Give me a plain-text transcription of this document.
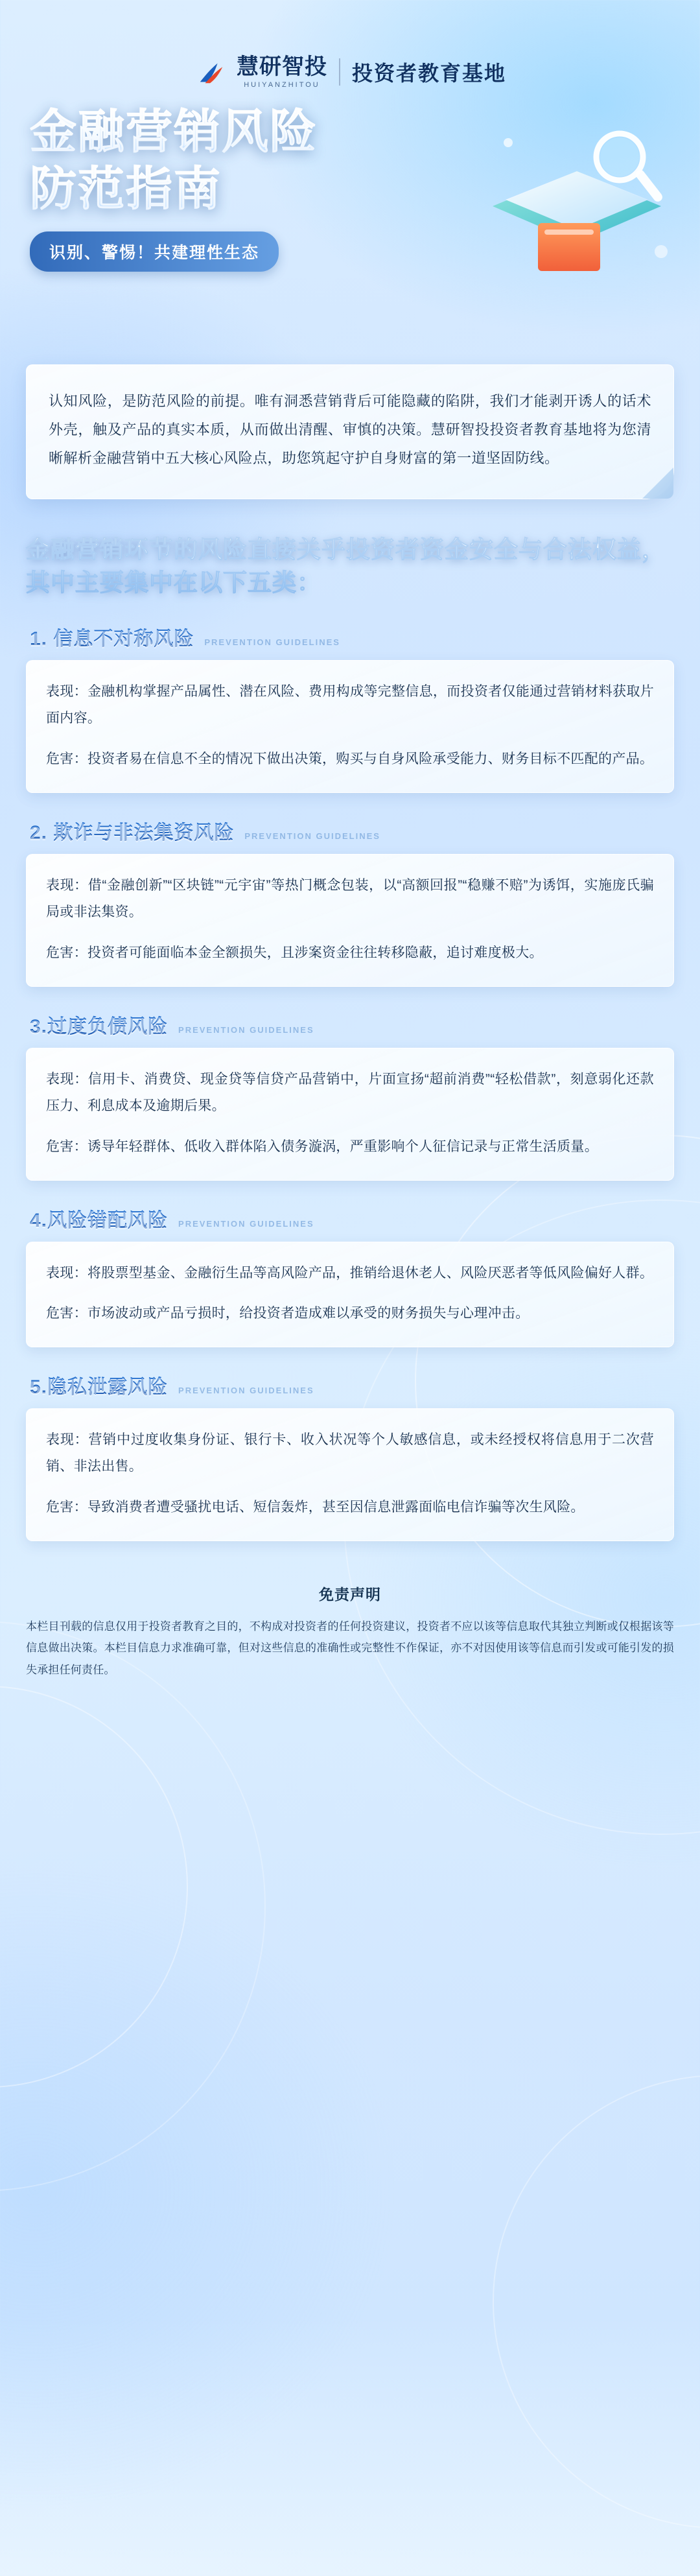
慧研智投
HUIYANZHITOU	投资者教育基地
金融营销风险
防范指南
识别、警惕！共建理性生态

认知风险，是防范风险的前提。唯有洞悉营销背后可能隐藏的陷阱，我们才能剥开诱人的话术外壳，触及产品的真实本质，从而做出清醒、审慎的决策。慧研智投投资者教育基地将为您清晰解析金融营销中五大核心风险点，助您筑起守护自身财富的第一道坚固防线。

金融营销环节的风险直接关乎投资者资金安全与合法权益，其中主要集中在以下五类：
1. 信息不对称风险 PREVENTION GUIDELINES

表现：金融机构掌握产品属性、潜在风险、费用构成等完整信息，而投资者仅能通过营销材料获取片面内容。

危害：投资者易在信息不全的情况下做出决策，购买与自身风险承受能力、财务目标不匹配的产品。

2. 欺诈与非法集资风险 PREVENTION GUIDELINES

表现：借“金融创新”“区块链”“元宇宙”等热门概念包装，以“高额回报”“稳赚不赔”为诱饵，实施庞氏骗局或非法集资。

危害：投资者可能面临本金全额损失，且涉案资金往往转移隐蔽，追讨难度极大。

3.过度负债风险 PREVENTION GUIDELINES

表现：信用卡、消费贷、现金贷等信贷产品营销中，片面宣扬“超前消费”“轻松借款”，刻意弱化还款压力、利息成本及逾期后果。

危害：诱导年轻群体、低收入群体陷入债务漩涡，严重影响个人征信记录与正常生活质量。

4.风险错配风险 PREVENTION GUIDELINES

表现：将股票型基金、金融衍生品等高风险产品，推销给退休老人、风险厌恶者等低风险偏好人群。

危害：市场波动或产品亏损时，给投资者造成难以承受的财务损失与心理冲击。

5.隐私泄露风险 PREVENTION GUIDELINES

表现：营销中过度收集身份证、银行卡、收入状况等个人敏感信息，或未经授权将信息用于二次营销、非法出售。

危害：导致消费者遭受骚扰电话、短信轰炸，甚至因信息泄露面临电信诈骗等次生风险。

免责声明

本栏目刊载的信息仅用于投资者教育之目的，不构成对投资者的任何投资建议，投资者不应以该等信息取代其独立判断或仅根据该等信息做出决策。本栏目信息力求准确可靠，但对这些信息的准确性或完整性不作保证，亦不对因使用该等信息而引发或可能引发的损失承担任何责任。
